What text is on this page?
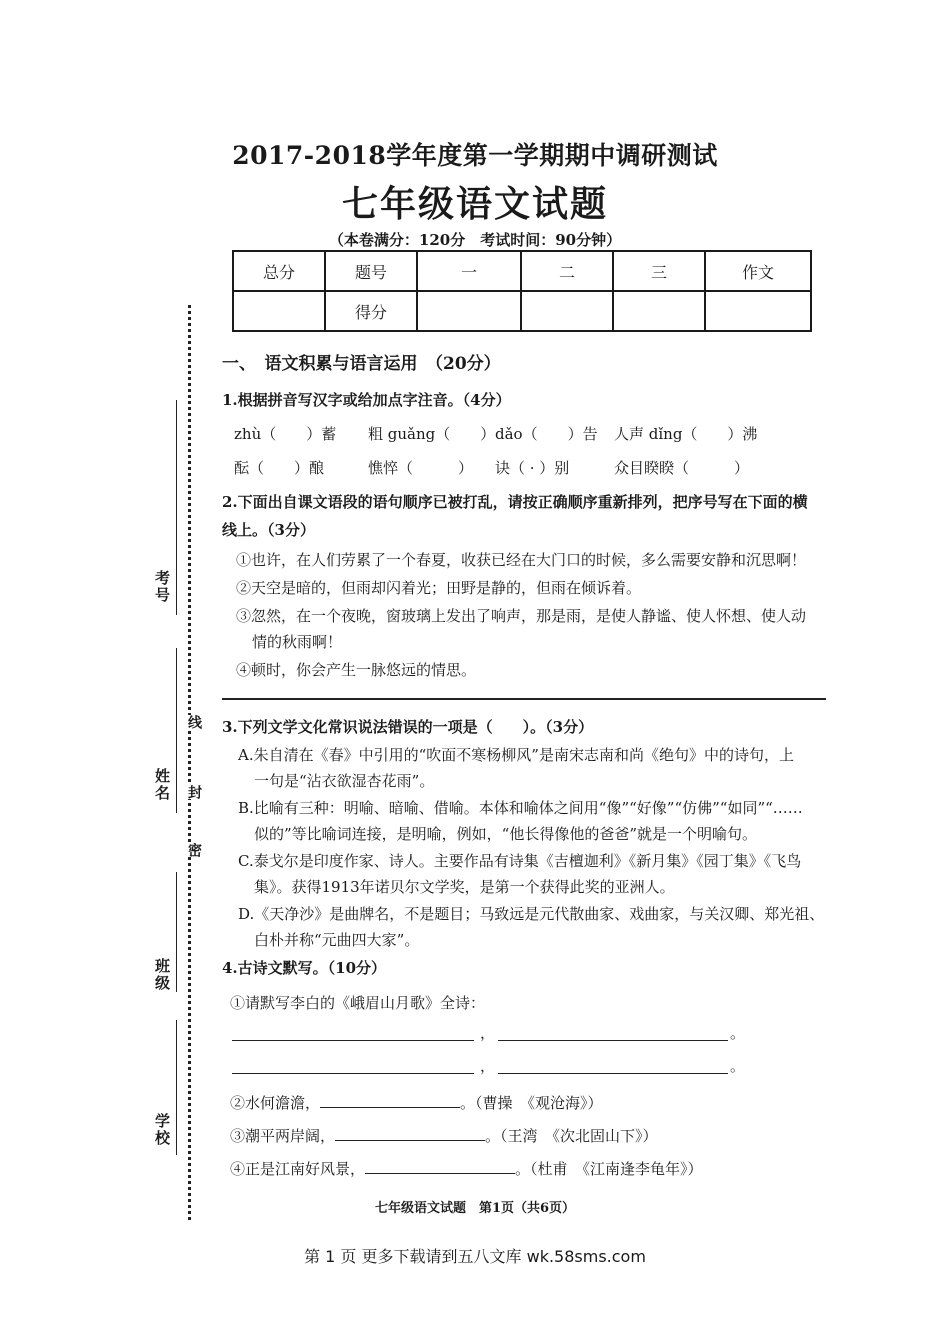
2017-2018学年度第一学期期中调研测试
七年级语文试题
（本卷满分：120分　考试时间：90分钟）
总分	题号	一	二	三	作文
	得分				
考号
姓名
班级
学校
线
封
密
一、　语文积累与语言运用　（20分）
1.根据拼音写汉字或给加点字注音。（4分）
zhù（　　）蓄 粗 guǎng（　　） dǎo（　　）告 人声 dǐng（　　）沸
酝（　　）酿	憔悴（　　　） 诀（ · ）别	众目睽睽（　　　）
2.下面出自课文语段的语句顺序已被打乱，请按正确顺序重新排列，把序号写在下面的横
线上。（3分）
①也许，在人们劳累了一个春夏，收获已经在大门口的时候，多么需要安静和沉思啊！
②天空是暗的，但雨却闪着光；田野是静的，但雨在倾诉着。
③忽然，在一个夜晚，窗玻璃上发出了响声，那是雨，是使人静谧、使人怀想、使人动
情的秋雨啊！
④顿时，你会产生一脉悠远的情思。
3.下列文学文化常识说法错误的一项是（　　）。（3分）
A.朱自清在《春》中引用的“吹面不寒杨柳风”是南宋志南和尚《绝句》中的诗句，上
一句是“沾衣欲湿杏花雨”。
B.比喻有三种：明喻、暗喻、借喻。本体和喻体之间用“像”“好像”“仿佛”“如同”“……
似的”等比喻词连接，是明喻，例如，“他长得像他的爸爸”就是一个明喻句。
C.泰戈尔是印度作家、诗人。主要作品有诗集《吉檀迦利》《新月集》《园丁集》《飞鸟
集》。获得1913年诺贝尔文学奖，是第一个获得此奖的亚洲人。
D.《天净沙》是曲牌名，不是题目；马致远是元代散曲家、戏曲家，与关汉卿、郑光祖、
白朴并称“元曲四大家”。
4.古诗文默写。（10分）
①请默写李白的《峨眉山月歌》全诗：
，	。
，	。
②水何澹澹，	。（曹操　《观沧海》）
③潮平两岸阔，	。（王湾　《次北固山下》）
④正是江南好风景，	。（杜甫　《江南逢李龟年》）
七年级语文试题　第1页（共6页）
第 1 页 更多下载请到五八文库 wk.58sms.com
